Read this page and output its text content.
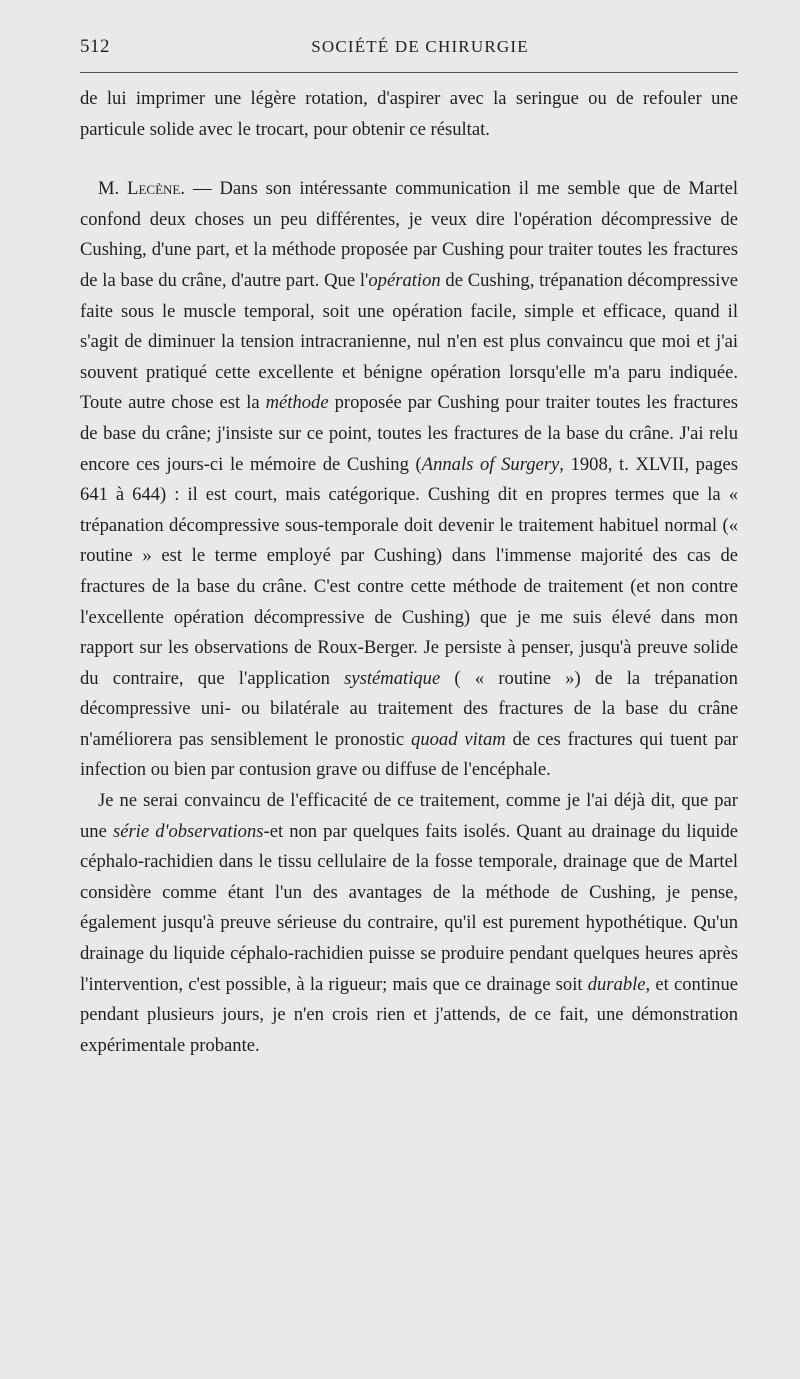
512	SOCIÉTÉ DE CHIRURGIE

de lui imprimer une légère rotation, d'aspirer avec la seringue ou de refouler une particule solide avec le trocart, pour obtenir ce résultat.

M. Lecène. — Dans son intéressante communication il me semble que de Martel confond deux choses un peu différentes, je veux dire l'opération décompressive de Cushing, d'une part, et la méthode proposée par Cushing pour traiter toutes les fractures de la base du crâne, d'autre part. Que l'opération de Cushing, trépanation décompressive faite sous le muscle temporal, soit une opération facile, simple et efficace, quand il s'agit de diminuer la tension intracranienne, nul n'en est plus convaincu que moi et j'ai souvent pratiqué cette excellente et bénigne opération lorsqu'elle m'a paru indiquée. Toute autre chose est la méthode proposée par Cushing pour traiter toutes les fractures de base du crâne; j'insiste sur ce point, toutes les fractures de la base du crâne. J'ai relu encore ces jours-ci le mémoire de Cushing (Annals of Surgery, 1908, t. XLVII, pages 641 à 644) : il est court, mais catégorique. Cushing dit en propres termes que la « trépanation décompressive sous-temporale doit devenir le traitement habituel normal (« routine » est le terme employé par Cushing) dans l'immense majorité des cas de fractures de la base du crâne. C'est contre cette méthode de traitement (et non contre l'excellente opération décompressive de Cushing) que je me suis élevé dans mon rapport sur les observations de Roux-Berger. Je persiste à penser, jusqu'à preuve solide du contraire, que l'application systématique ( « routine ») de la trépanation décompressive uni- ou bilatérale au traitement des fractures de la base du crâne n'améliorera pas sensiblement le pronostic quoad vitam de ces fractures qui tuent par infection ou bien par contusion grave ou diffuse de l'encéphale.

Je ne serai convaincu de l'efficacité de ce traitement, comme je l'ai déjà dit, que par une série d'observations-et non par quelques faits isolés. Quant au drainage du liquide céphalo-rachidien dans le tissu cellulaire de la fosse temporale, drainage que de Martel considère comme étant l'un des avantages de la méthode de Cushing, je pense, également jusqu'à preuve sérieuse du contraire, qu'il est purement hypothétique. Qu'un drainage du liquide céphalo-rachidien puisse se produire pendant quelques heures après l'intervention, c'est possible, à la rigueur; mais que ce drainage soit durable, et continue pendant plusieurs jours, je n'en crois rien et j'attends, de ce fait, une démonstration expérimentale probante.
